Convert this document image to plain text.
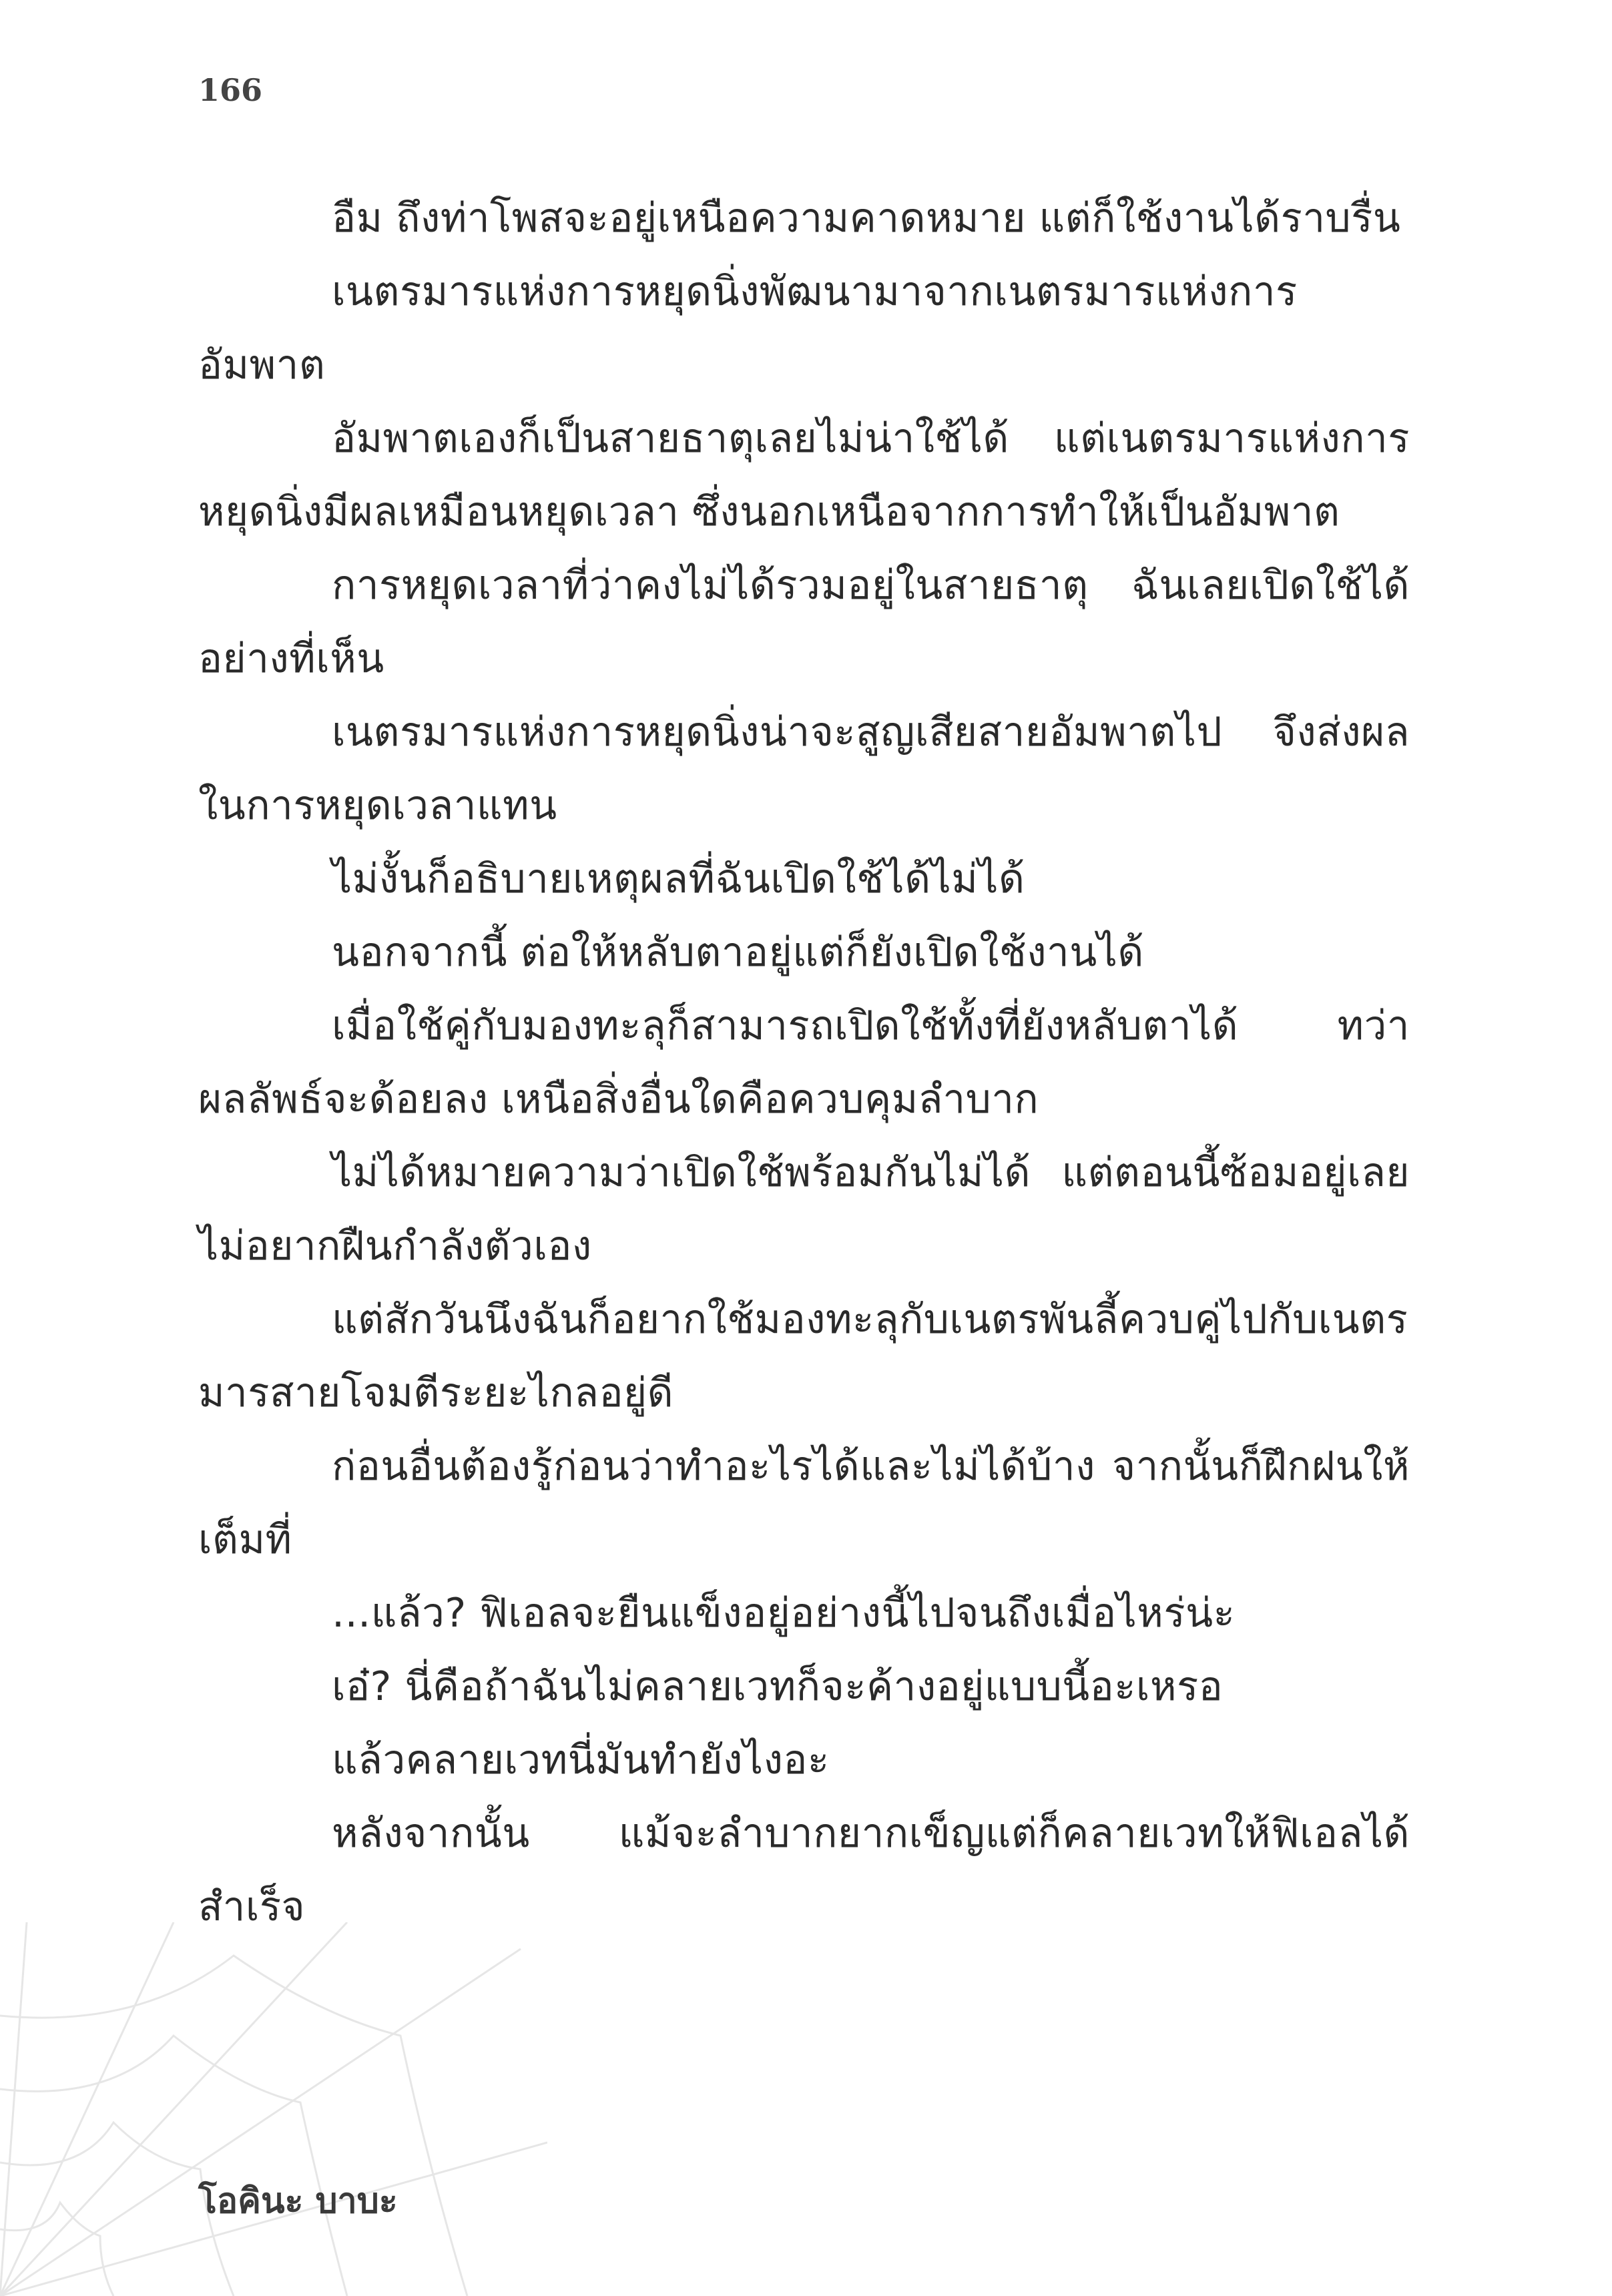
166

อืม ถึงท่าโพสจะอยู่เหนือความคาดหมาย แต่ก็ใช้งานได้ราบรื่น

เนตรมารแห่งการหยุดนิ่งพัฒนามาจากเนตรมารแห่งการอัมพาต

อัมพาตเองก็เป็นสายธาตุเลยไม่น่าใช้ได้ แต่เนตรมารแห่งการหยุดนิ่งมีผลเหมือนหยุดเวลา ซึ่งนอกเหนือจากการทำให้เป็นอัมพาต

การหยุดเวลาที่ว่าคงไม่ได้รวมอยู่ในสายธาตุ ฉันเลยเปิดใช้ได้อย่างที่เห็น

เนตรมารแห่งการหยุดนิ่งน่าจะสูญเสียสายอัมพาตไป จึงส่งผลในการหยุดเวลาแทน

ไม่งั้นก็อธิบายเหตุผลที่ฉันเปิดใช้ได้ไม่ได้

นอกจากนี้ ต่อให้หลับตาอยู่แต่ก็ยังเปิดใช้งานได้

เมื่อใช้คู่กับมองทะลุก็สามารถเปิดใช้ทั้งที่ยังหลับตาได้ ทว่าผลลัพธ์จะด้อยลง เหนือสิ่งอื่นใดคือควบคุมลำบาก

ไม่ได้หมายความว่าเปิดใช้พร้อมกันไม่ได้ แต่ตอนนี้ซ้อมอยู่เลยไม่อยากฝืนกำลังตัวเอง

แต่สักวันนึงฉันก็อยากใช้มองทะลุกับเนตรพันลี้ควบคู่ไปกับเนตรมารสายโจมตีระยะไกลอยู่ดี

ก่อนอื่นต้องรู้ก่อนว่าทำอะไรได้และไม่ได้บ้าง จากนั้นก็ฝึกฝนให้เต็มที่

...แล้ว? ฟิเอลจะยืนแข็งอยู่อย่างนี้ไปจนถึงเมื่อไหร่น่ะ

เอ๋? นี่คือถ้าฉันไม่คลายเวทก็จะค้างอยู่แบบนี้อะเหรอ

แล้วคลายเวทนี่มันทำยังไงอะ

หลังจากนั้น แม้จะลำบากยากเข็ญแต่ก็คลายเวทให้ฟิเอลได้สำเร็จ

โอคินะ บาบะ
